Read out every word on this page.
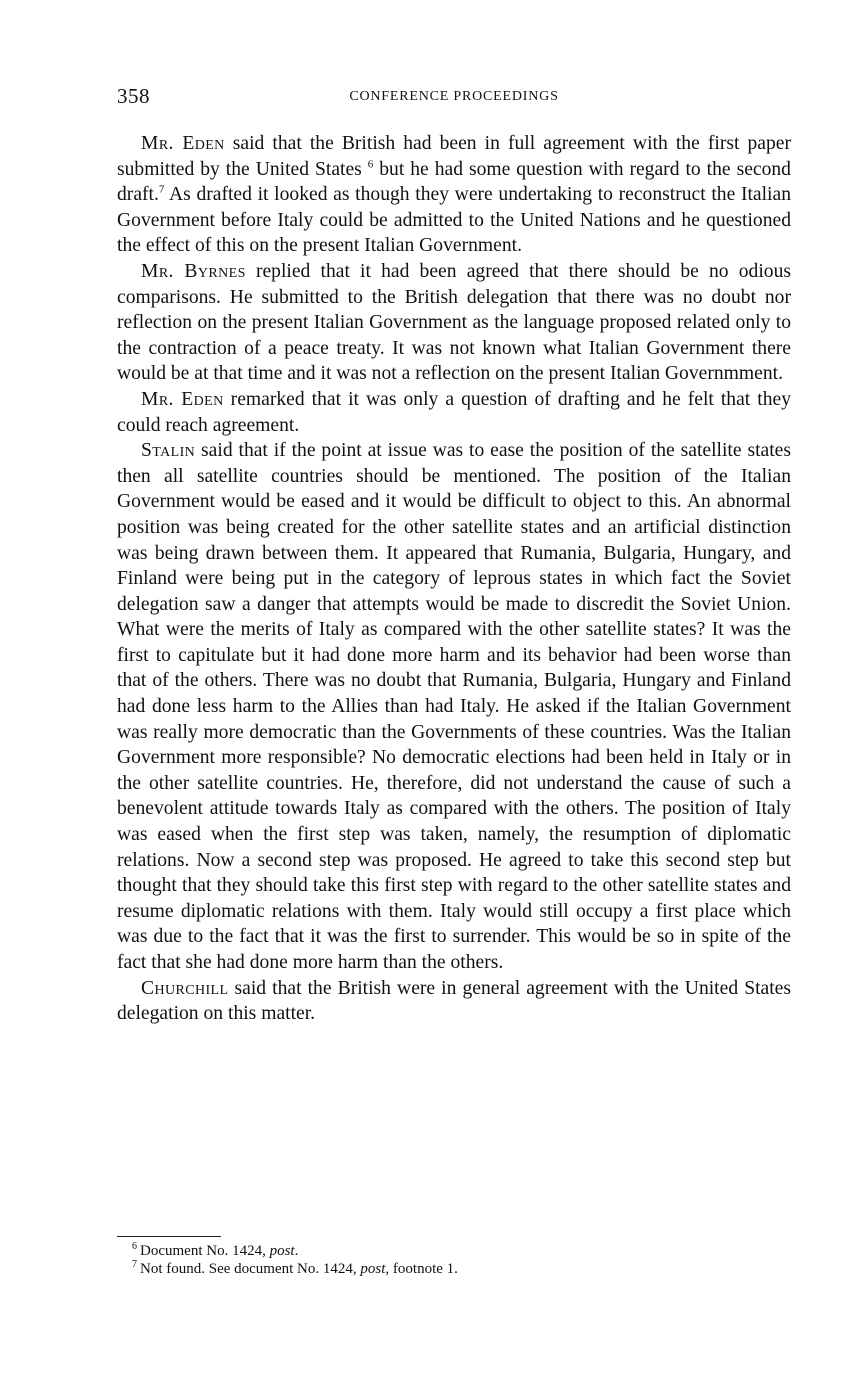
358	CONFERENCE PROCEEDINGS

Mr. Eden said that the British had been in full agreement with the first paper submitted by the United States $^6$ but he had some question with regard to the second draft.$^7$ As drafted it looked as though they were undertaking to reconstruct the Italian Government before Italy could be admitted to the United Nations and he questioned the effect of this on the present Italian Government.

Mr. Byrnes replied that it had been agreed that there should be no odious comparisons. He submitted to the British delegation that there was no doubt nor reflection on the present Italian Government as the language proposed related only to the contraction of a peace treaty. It was not known what Italian Government there would be at that time and it was not a reflection on the present Italian Governmment.

Mr. Eden remarked that it was only a question of drafting and he felt that they could reach agreement.

Stalin said that if the point at issue was to ease the position of the satellite states then all satellite countries should be mentioned. The position of the Italian Government would be eased and it would be difficult to object to this. An abnormal position was being created for the other satellite states and an artificial distinction was being drawn between them. It appeared that Rumania, Bulgaria, Hungary, and Finland were being put in the category of leprous states in which fact the Soviet delegation saw a danger that attempts would be made to discredit the Soviet Union. What were the merits of Italy as compared with the other satellite states? It was the first to capitulate but it had done more harm and its behavior had been worse than that of the others. There was no doubt that Rumania, Bulgaria, Hungary and Finland had done less harm to the Allies than had Italy. He asked if the Italian Government was really more democratic than the Governments of these countries. Was the Italian Government more responsible? No democratic elections had been held in Italy or in the other satellite countries. He, therefore, did not understand the cause of such a benevolent attitude towards Italy as compared with the others. The position of Italy was eased when the first step was taken, namely, the resumption of diplomatic relations. Now a second step was proposed. He agreed to take this second step but thought that they should take this first step with regard to the other satellite states and resume diplomatic relations with them. Italy would still occupy a first place which was due to the fact that it was the first to surrender. This would be so in spite of the fact that she had done more harm than the others.

Churchill said that the British were in general agreement with the United States delegation on this matter.

$^6$ Document No. 1424, post.

$^7$ Not found. See document No. 1424, post, footnote 1.
